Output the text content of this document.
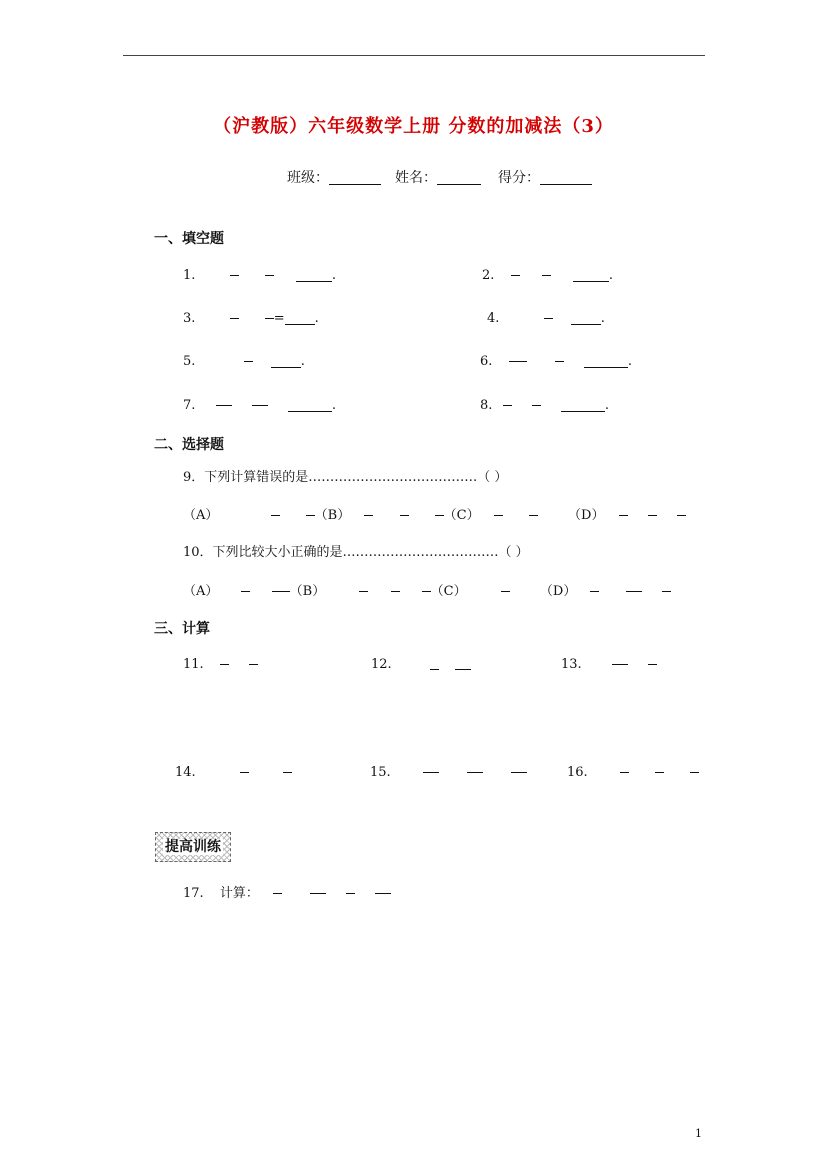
（沪教版）六年级数学上册 分数的加减法（3）
班级：	姓名：	得分：
一、填空题
1.	.	2.	.
3.	= .	4.	.
5.	.	6.	.
7.	.	8.	.
二、选择题
9．下列计算错误的是…………………………………（ ）
（A）	（B）	（C）	（D）
10．下列比较大小正确的是………………………………（ ）
（A）	（B）	（C）	（D）
三、计算
11.	12.	13.
14.	15.	16.
提高训练
17. 计算：
1
